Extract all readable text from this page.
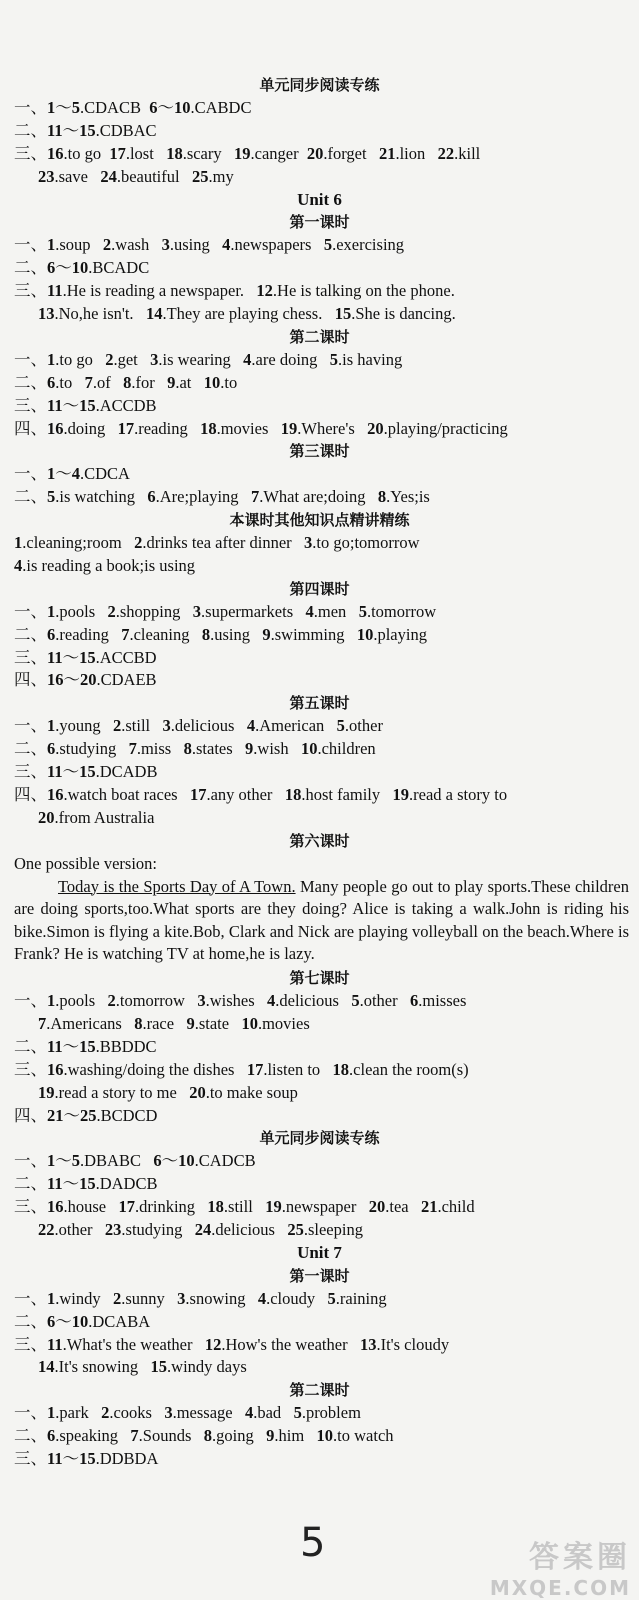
单元同步阅读专练
一、1～5.CDACB  6～10.CABDC
二、11～15.CDBAC
三、16.to go  17.lost   18.scary   19.canger  20.forget   21.lion   22.kill
23.save   24.beautiful   25.my
Unit 6
第一课时
一、1.soup   2.wash   3.using   4.newspapers   5.exercising
二、6～10.BCADC
三、11.He is reading a newspaper.   12.He is talking on the phone.
13.No,he isn't.   14.They are playing chess.   15.She is dancing.
第二课时
一、1.to go   2.get   3.is wearing   4.are doing   5.is having
二、6.to   7.of   8.for   9.at   10.to
三、11～15.ACCDB
四、16.doing   17.reading   18.movies   19.Where's   20.playing/practicing
第三课时
一、1～4.CDCA
二、5.is watching   6.Are;playing   7.What are;doing   8.Yes;is
本课时其他知识点精讲精练
1.cleaning;room   2.drinks tea after dinner   3.to go;tomorrow
4.is reading a book;is using
第四课时
一、1.pools   2.shopping   3.supermarkets   4.men   5.tomorrow
二、6.reading   7.cleaning   8.using   9.swimming   10.playing
三、11～15.ACCBD
四、16～20.CDAEB
第五课时
一、1.young   2.still   3.delicious   4.American   5.other
二、6.studying   7.miss   8.states   9.wish   10.children
三、11～15.DCADB
四、16.watch boat races   17.any other   18.host family   19.read a story to
20.from Australia
第六课时
One possible version:
Today is the Sports Day of A Town. Many people go out to play sports.These children are doing sports,too.What sports are they doing? Alice is taking a walk.John is riding his bike.Simon is flying a kite.Bob, Clark and Nick are playing volleyball on the beach.Where is Frank? He is watching TV at home,he is lazy.
第七课时
一、1.pools   2.tomorrow   3.wishes   4.delicious   5.other   6.misses
7.Americans   8.race   9.state   10.movies
二、11～15.BBDDC
三、16.washing/doing the dishes   17.listen to   18.clean the room(s)
19.read a story to me   20.to make soup
四、21～25.BCDCD
单元同步阅读专练
一、1～5.DBABC   6～10.CADCB
二、11～15.DADCB
三、16.house   17.drinking   18.still   19.newspaper   20.tea   21.child
22.other   23.studying   24.delicious   25.sleeping
Unit 7
第一课时
一、1.windy   2.sunny   3.snowing   4.cloudy   5.raining
二、6～10.DCABA
三、11.What's the weather   12.How's the weather   13.It's cloudy
14.It's snowing   15.windy days
第二课时
一、1.park   2.cooks   3.message   4.bad   5.problem
二、6.speaking   7.Sounds   8.going   9.him   10.to watch
三、11～15.DDBDA
5	答案圈
MXQE.COM
